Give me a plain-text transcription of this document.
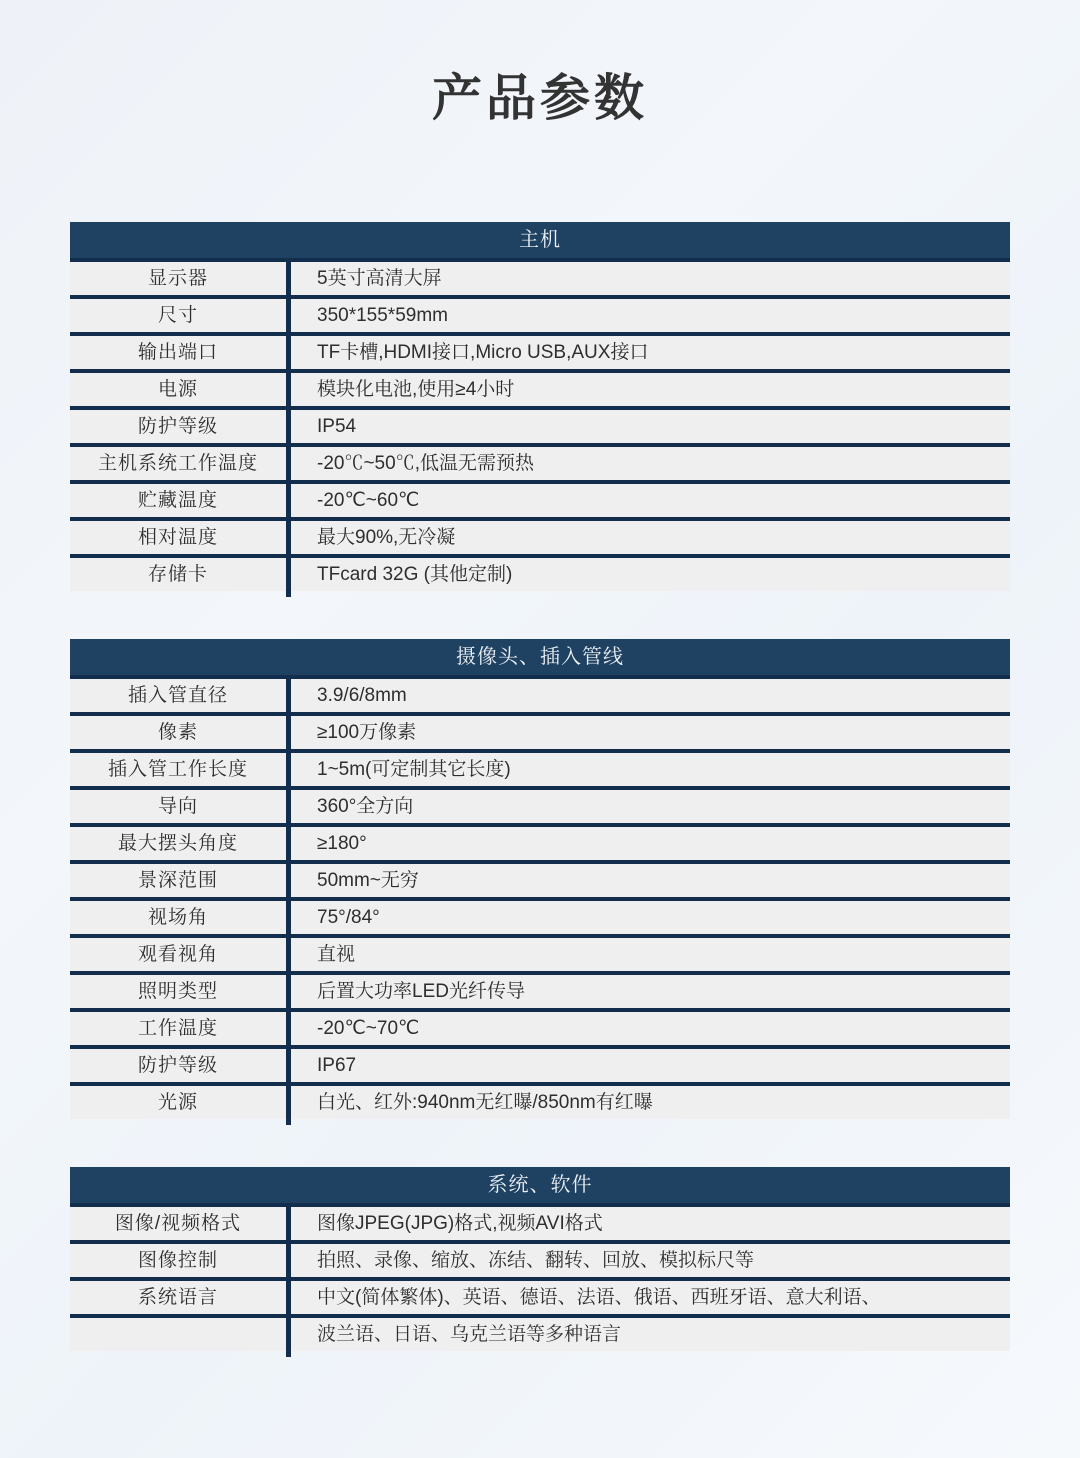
产品参数
主机
显示器	5英寸高清大屏
尺寸	350*155*59mm
输出端口	TF卡槽,HDMI接口,Micro USB,AUX接口
电源	模块化电池,使用≥4小时
防护等级	IP54
主机系统工作温度	-20℃~50℃,低温无需预热
贮藏温度	-20℃~60℃
相对温度	最大90%,无冷凝
存储卡	TFcard 32G (其他定制)
摄像头、插入管线
插入管直径	3.9/6/8mm
像素	≥100万像素
插入管工作长度	1~5m(可定制其它长度)
导向	360°全方向
最大摆头角度	≥180°
景深范围	50mm~无穷
视场角	75°/84°
观看视角	直视
照明类型	后置大功率LED光纤传导
工作温度	-20℃~70℃
防护等级	IP67
光源	白光、红外:940nm无红曝/850nm有红曝
系统、软件
图像/视频格式	图像JPEG(JPG)格式,视频AVI格式
图像控制	拍照、录像、缩放、冻结、翻转、回放、模拟标尺等
系统语言	中文(简体繁体)、英语、德语、法语、俄语、西班牙语、意大利语、
波兰语、日语、乌克兰语等多种语言
